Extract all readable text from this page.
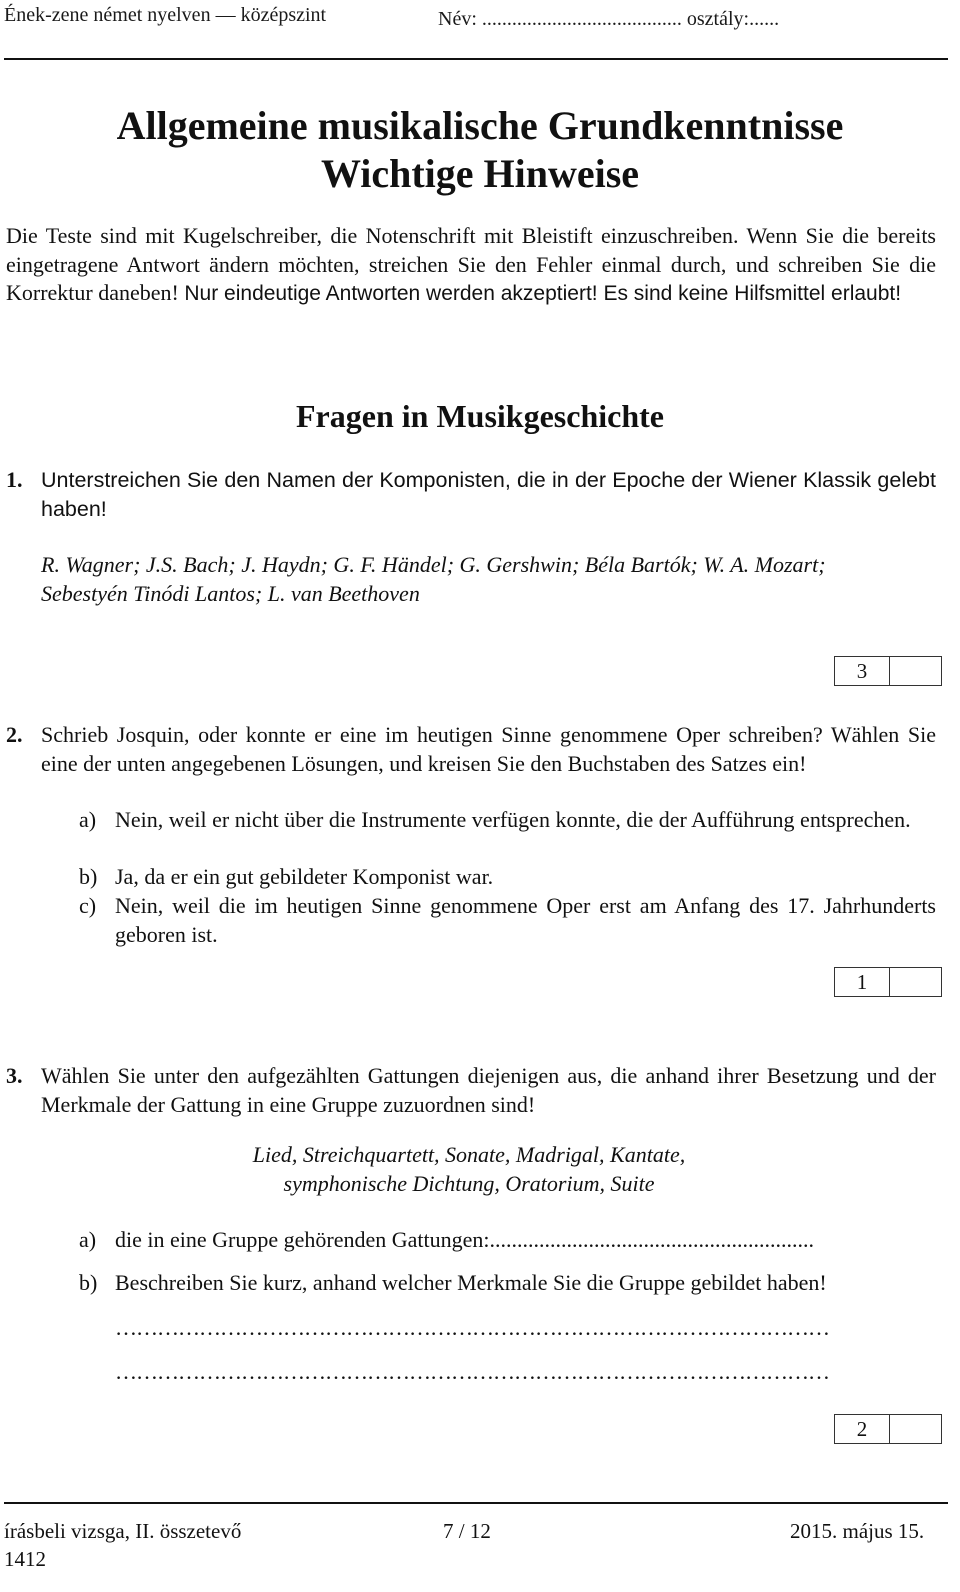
Ének-zene német nyelven — középszint	Név: ........................................ osztály:......
Allgemeine musikalische Grundkenntnisse
Wichtige Hinweise
Die Teste sind mit Kugelschreiber, die Notenschrift mit Bleistift einzuschreiben. Wenn Sie die bereits eingetragene Antwort ändern möchten, streichen Sie den Fehler einmal durch, und schreiben Sie die Korrektur daneben! Nur eindeutige Antworten werden akzeptiert! Es sind keine Hilfsmittel erlaubt!
Fragen in Musikgeschichte
1. Unterstreichen Sie den Namen der Komponisten, die in der Epoche der Wiener Klassik gelebt haben!
R. Wagner; J.S. Bach; J. Haydn; G. F. Händel; G. Gershwin; Béla Bartók; W. A. Mozart;
Sebestyén Tinódi Lantos; L. van Beethoven
3
2. Schrieb Josquin, oder konnte er eine im heutigen Sinne genommene Oper schreiben? Wählen Sie eine der unten angegebenen Lösungen, und kreisen Sie den Buchstaben des Satzes ein!
a) Nein, weil er nicht über die Instrumente verfügen konnte, die der Aufführung entsprechen.
b) Ja, da er ein gut gebildeter Komponist war.
c) Nein, weil die im heutigen Sinne genommene Oper erst am Anfang des 17. Jahrhunderts geboren ist.
1
3. Wählen Sie unter den aufgezählten Gattungen diejenigen aus, die anhand ihrer Besetzung und der Merkmale der Gattung in eine Gruppe zuzuordnen sind!
Lied, Streichquartett, Sonate, Madrigal, Kantate,
symphonische Dichtung, Oratorium, Suite
a) die in eine Gruppe gehörenden Gattungen:...........................................................
b) Beschreiben Sie kurz, anhand welcher Merkmale Sie die Gruppe gebildet haben!
…………………………………………………………………………………………
…………………………………………………………………………………………
2
írásbeli vizsga, II. összetevő
1412
7 / 12	2015. május 15.
